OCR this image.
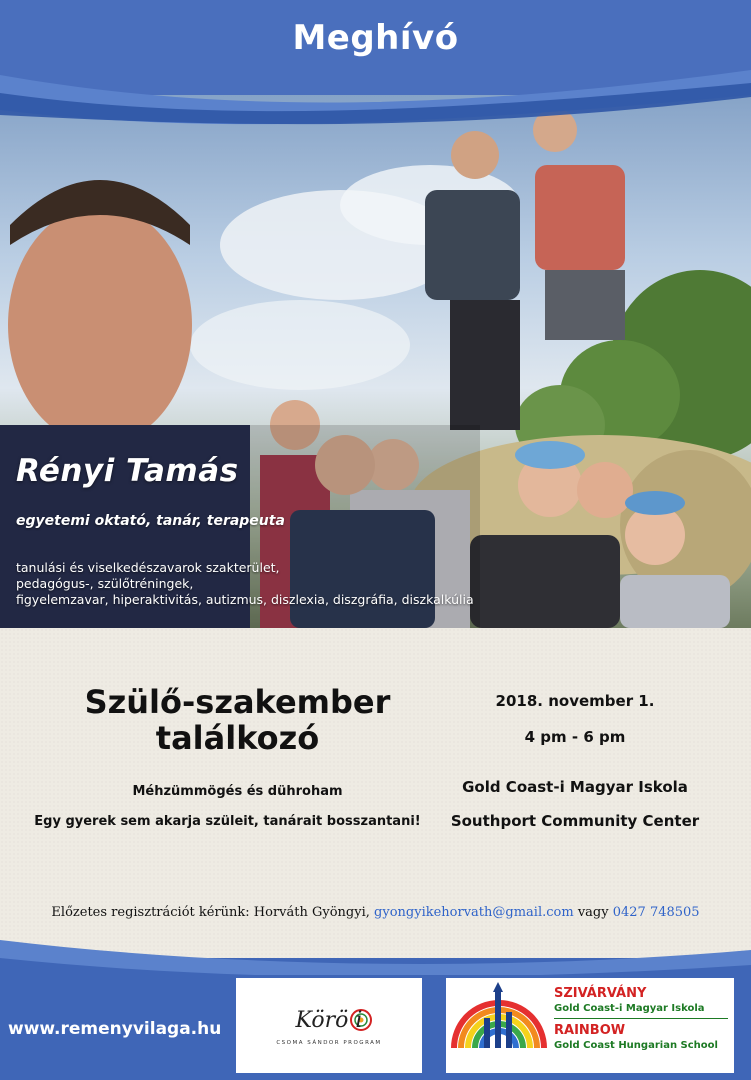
Meghívó
Rényi Tamás
egyetemi oktató, tanár, terapeuta
tanulási és viselkedészavarok szakterület,
pedagógus-, szülőtréningek,
figyelemzavar, hiperaktivitás, autizmus, diszlexia, diszgráfia, diszkalkúlia
Szülő-szakember
találkozó
Méhzümmögés és dühroham
Egy gyerek sem akarja szüleit, tanárait bosszantani!
2018. november 1.
4 pm - 6 pm
Gold Coast-i Magyar Iskola
Southport Community Center
Előzetes regisztrációt kérünk: Horváth Gyöngyi, gyongyikehorvath@gmail.com vagy 0427 748505
www.remenyvilaga.hu	Körö i
CSOMA SÁNDOR PROGRAM
SZIVÁRVÁNY
Gold Coast-i Magyar Iskola
RAINBOW
Gold Coast Hungarian School
